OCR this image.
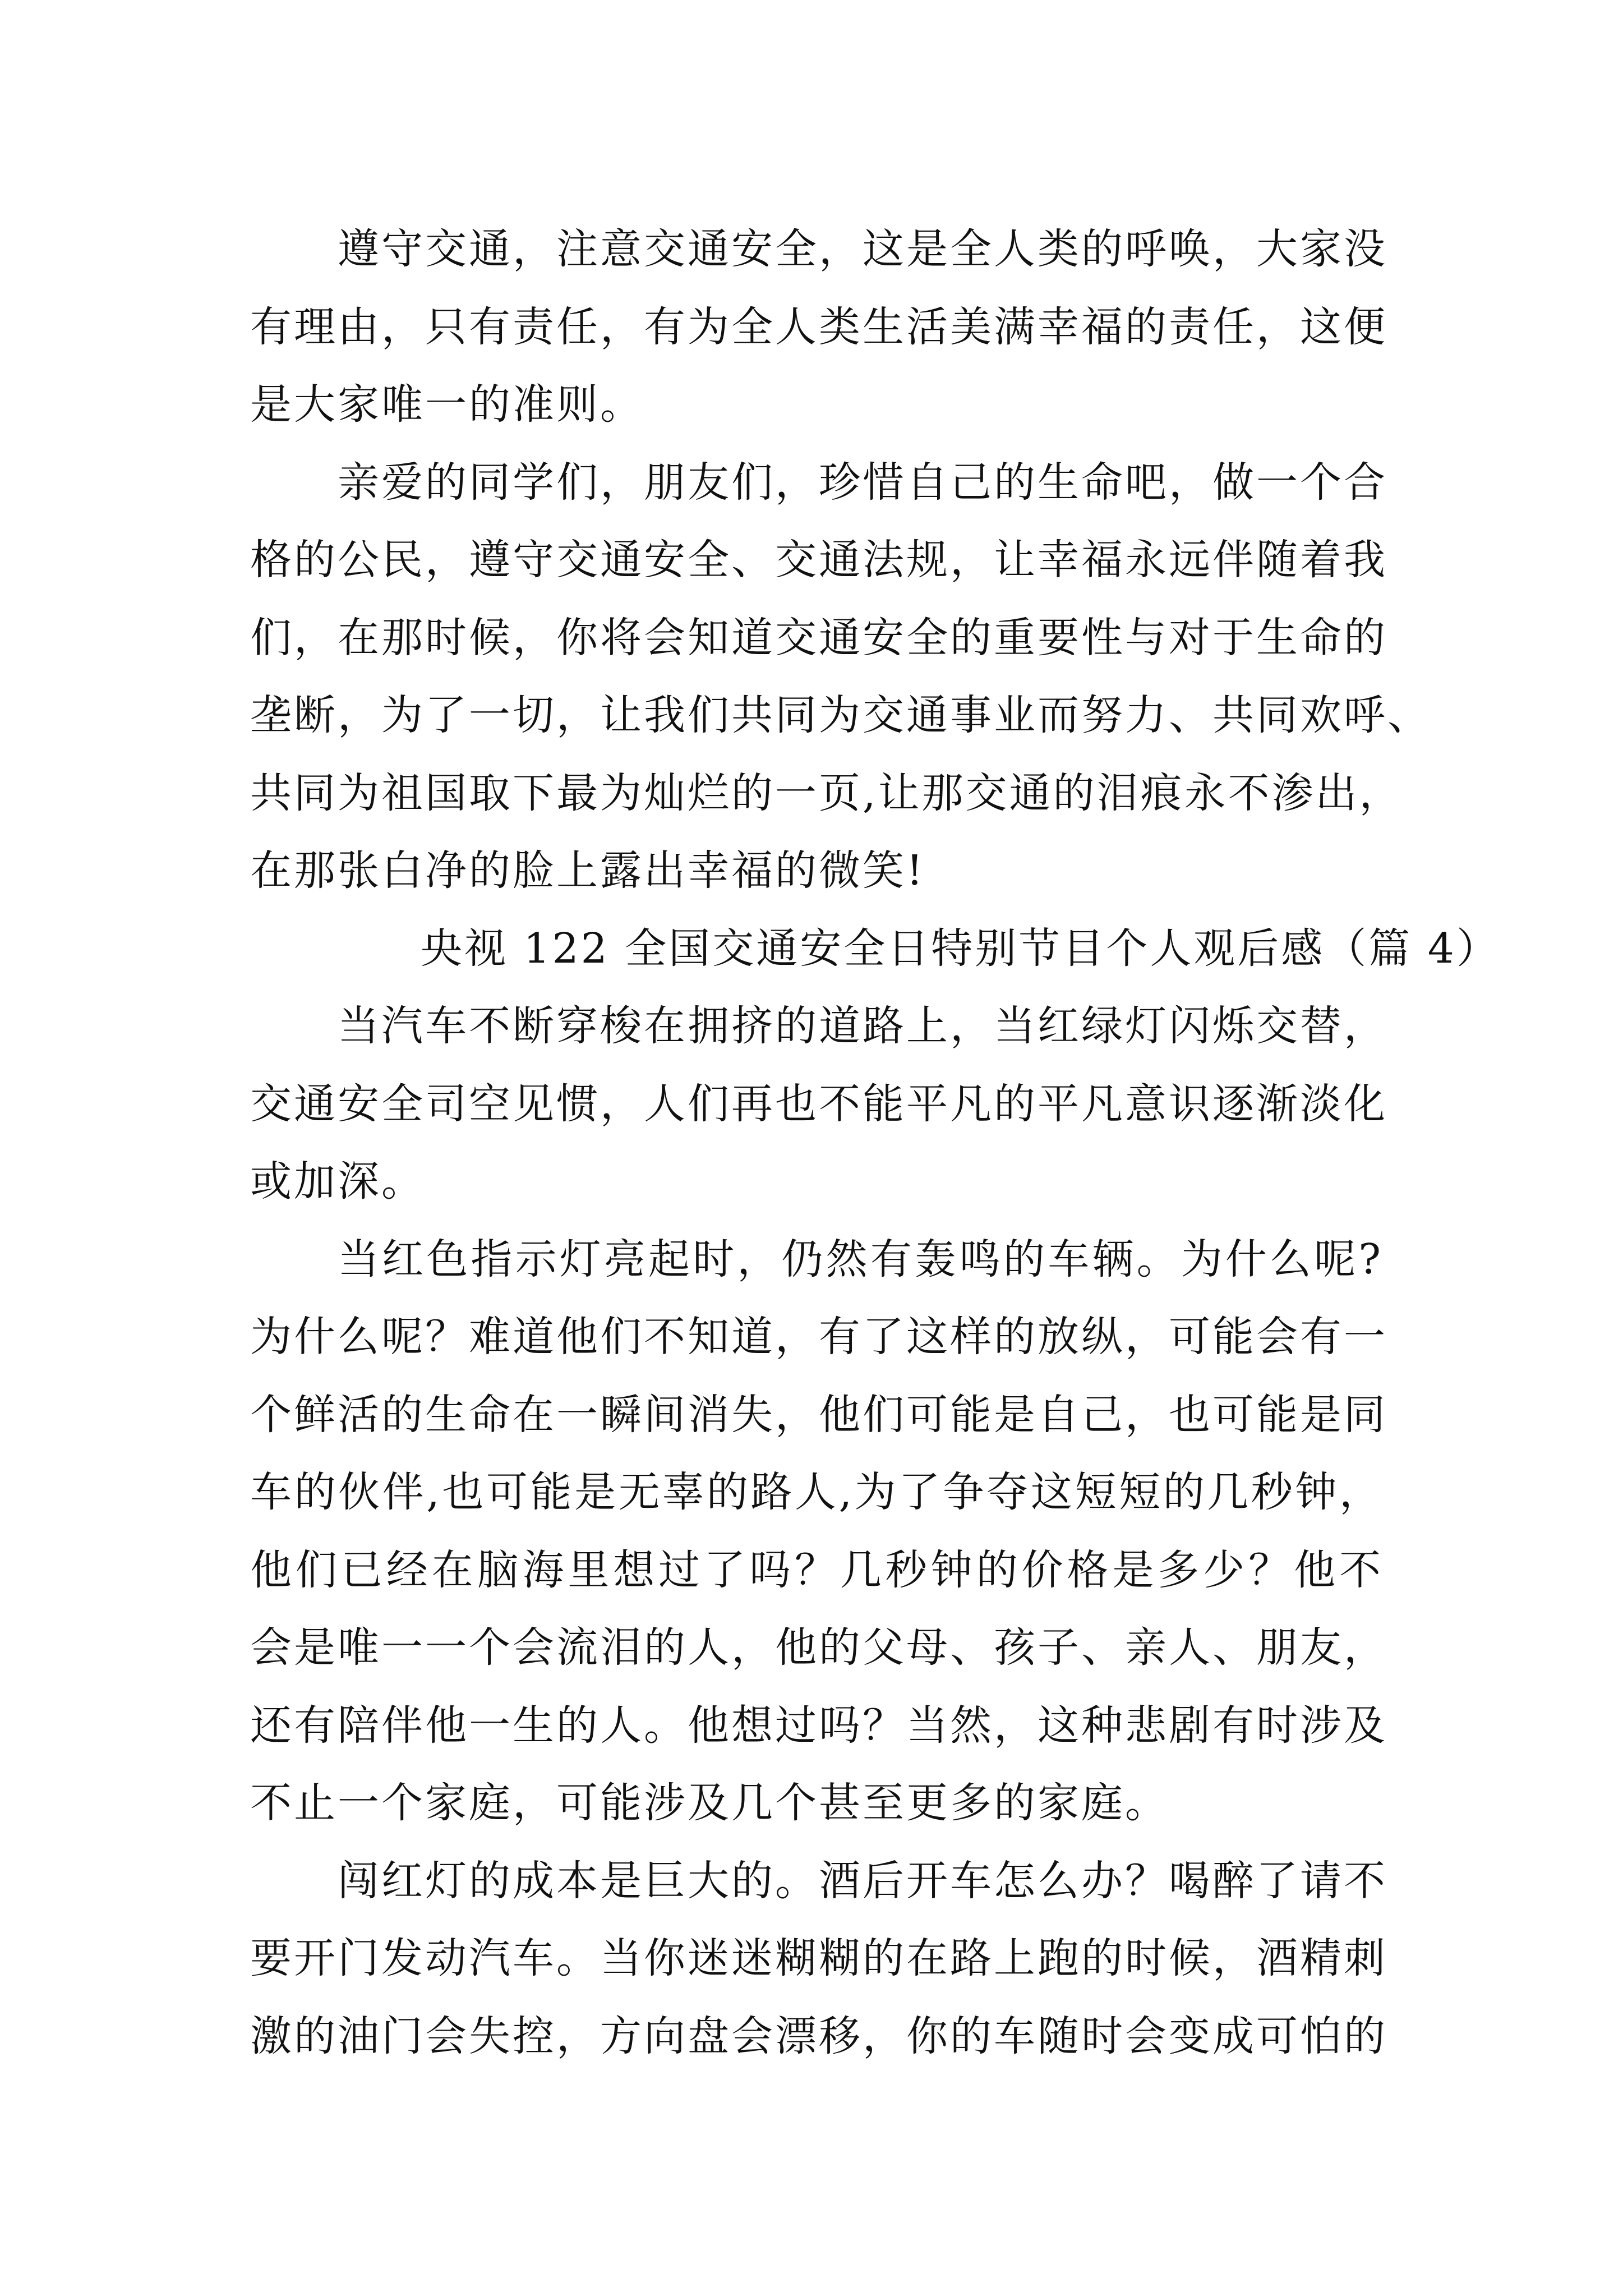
遵守交通，注意交通安全，这是全人类的呼唤，大家没
有理由，只有责任，有为全人类生活美满幸福的责任，这便
是大家唯一的准则。
亲爱的同学们，朋友们，珍惜自己的生命吧，做一个合
格的公民，遵守交通安全、交通法规，让幸福永远伴随着我
们，在那时候，你将会知道交通安全的重要性与对于生命的
垄断，为了一切，让我们共同为交通事业而努力、共同欢呼、
共同为祖国取下最为灿烂的一页,让那交通的泪痕永不渗出，
在那张白净的脸上露出幸福的微笑!
央视 122 全国交通安全日特别节目个人观后感（篇 4）
当汽车不断穿梭在拥挤的道路上，当红绿灯闪烁交替，
交通安全司空见惯，人们再也不能平凡的平凡意识逐渐淡化
或加深。
当红色指示灯亮起时，仍然有轰鸣的车辆。为什么呢?
为什么呢？难道他们不知道，有了这样的放纵，可能会有一
个鲜活的生命在一瞬间消失，他们可能是自己，也可能是同
车的伙伴,也可能是无辜的路人,为了争夺这短短的几秒钟，
他们已经在脑海里想过了吗？几秒钟的价格是多少？他不
会是唯一一个会流泪的人，他的父母、孩子、亲人、朋友，
还有陪伴他一生的人。他想过吗？当然，这种悲剧有时涉及
不止一个家庭，可能涉及几个甚至更多的家庭。
闯红灯的成本是巨大的。酒后开车怎么办？喝醉了请不
要开门发动汽车。当你迷迷糊糊的在路上跑的时候，酒精刺
激的油门会失控，方向盘会漂移，你的车随时会变成可怕的
